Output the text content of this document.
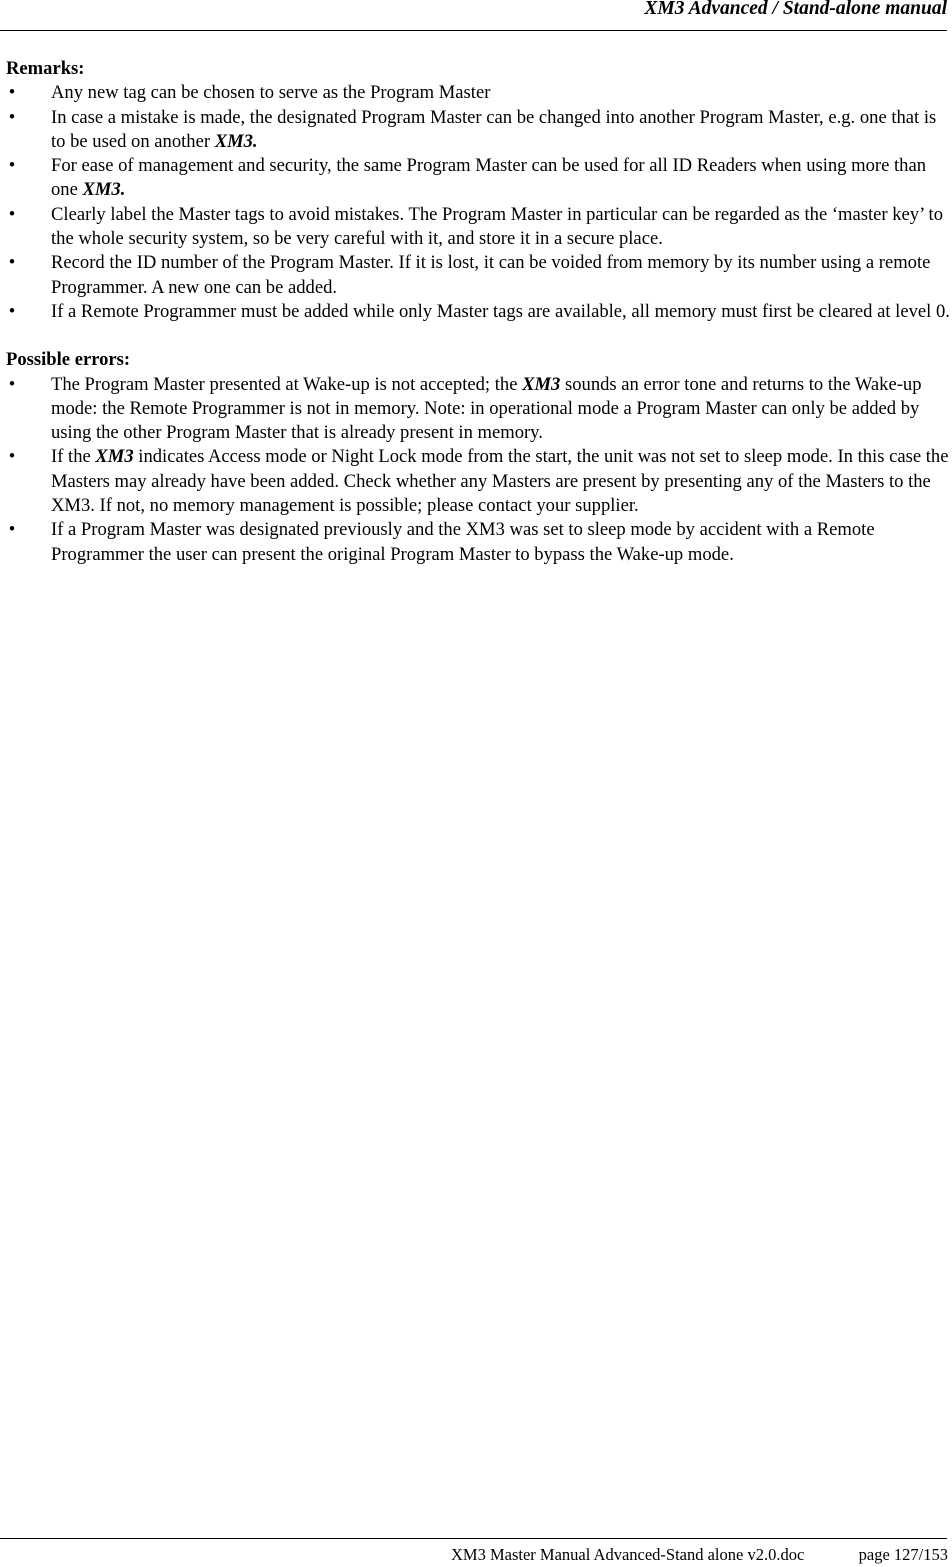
XM3 Advanced / Stand-alone manual

Remarks:

• Any new tag can be chosen to serve as the Program Master
• In case a mistake is made, the designated Program Master can be changed into another Program Master, e.g. one that is to be used on another XM3.
• For ease of management and security, the same Program Master can be used for all ID Readers when using more than one XM3.
• Clearly label the Master tags to avoid mistakes. The Program Master in particular can be regarded as the ‘master key’ to the whole security system, so be very careful with it, and store it in a secure place.
• Record the ID number of the Program Master. If it is lost, it can be voided from memory by its number using a remote Programmer. A new one can be added.
• If a Remote Programmer must be added while only Master tags are available, all memory must first be cleared at level 0.

Possible errors:

• The Program Master presented at Wake-up is not accepted; the XM3 sounds an error tone and returns to the Wake-up mode: the Remote Programmer is not in memory. Note: in operational mode a Program Master can only be added by using the other Program Master that is already present in memory.
• If the XM3 indicates Access mode or Night Lock mode from the start, the unit was not set to sleep mode. In this case the Masters may already have been added. Check whether any Masters are present by presenting any of the Masters to the XM3. If not, no memory management is possible; please contact your supplier.
• If a Program Master was designated previously and the XM3 was set to sleep mode by accident with a Remote Programmer the user can present the original Program Master to bypass the Wake-up mode.
XM3 Master Manual Advanced-Stand alone v2.0.doc	page 127/153
